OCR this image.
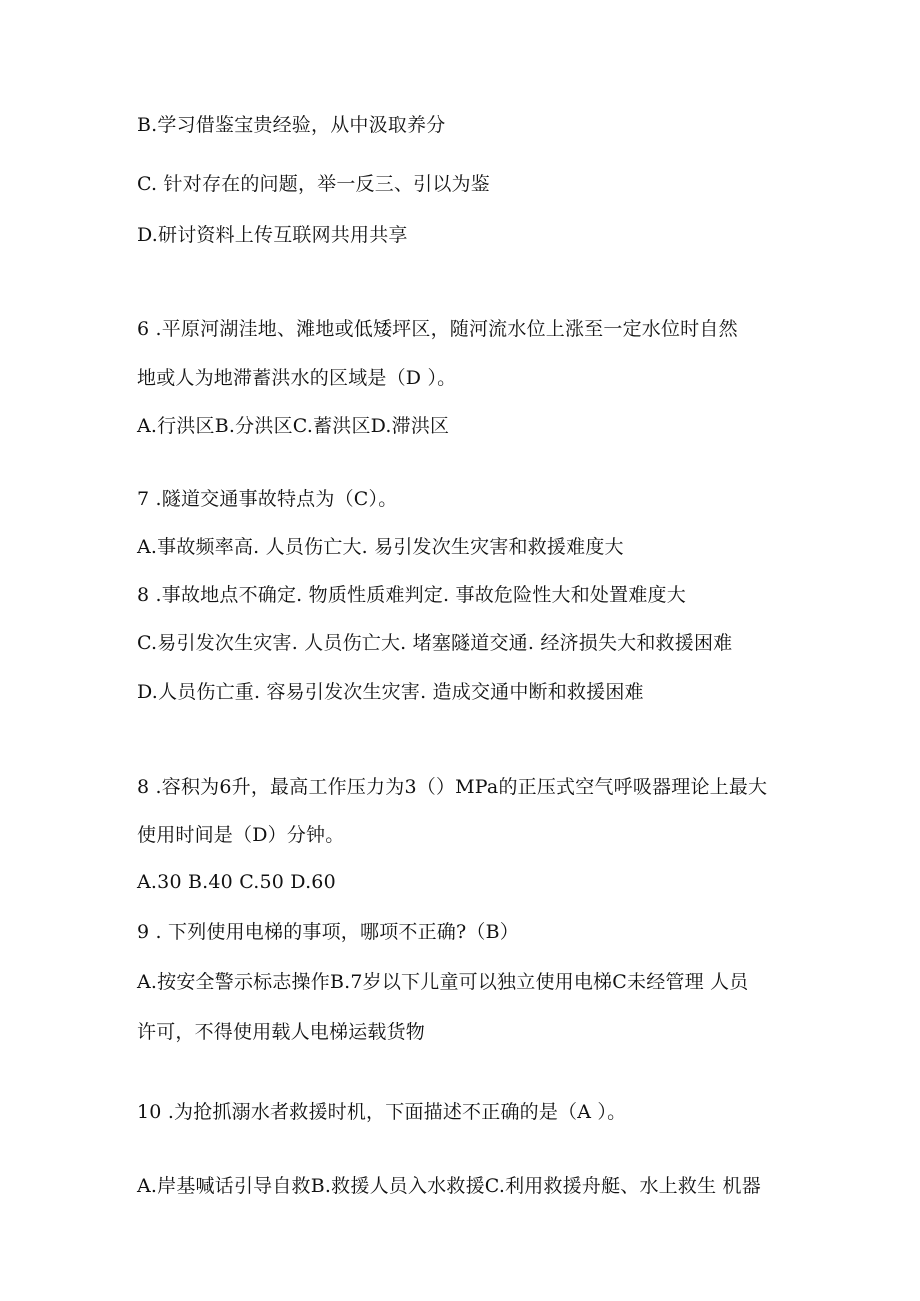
B.学习借鉴宝贵经验，从中汲取养分
C. 针对存在的问题，举一反三、引以为鉴
D.研讨资料上传互联网共用共享
6 .平原河湖洼地、滩地或低矮坪区，随河流水位上涨至一定水位时自然
地或人为地滞蓄洪水的区域是（D ）。
A.行洪区B.分洪区C.蓄洪区D.滞洪区
7 .隧道交通事故特点为（C）。
A.事故频率高. 人员伤亡大. 易引发次生灾害和救援难度大
8 .事故地点不确定. 物质性质难判定. 事故危险性大和处置难度大
C.易引发次生灾害. 人员伤亡大. 堵塞隧道交通. 经济损失大和救援困难
D.人员伤亡重. 容易引发次生灾害. 造成交通中断和救援困难
8 .容积为6升，最高工作压力为3（）MPa的正压式空气呼吸器理论上最大
使用时间是（D）分钟。
A.30 B.40 C.50 D.60
9 . 下列使用电梯的事项，哪项不正确?（B）
A.按安全警示标志操作B.7岁以下儿童可以独立使用电梯C未经管理 人员
许可，不得使用载人电梯运载货物
10 .为抢抓溺水者救援时机，下面描述不正确的是（A ）。
A.岸基喊话引导自救B.救援人员入水救援C.利用救援舟艇、水上救生 机器
